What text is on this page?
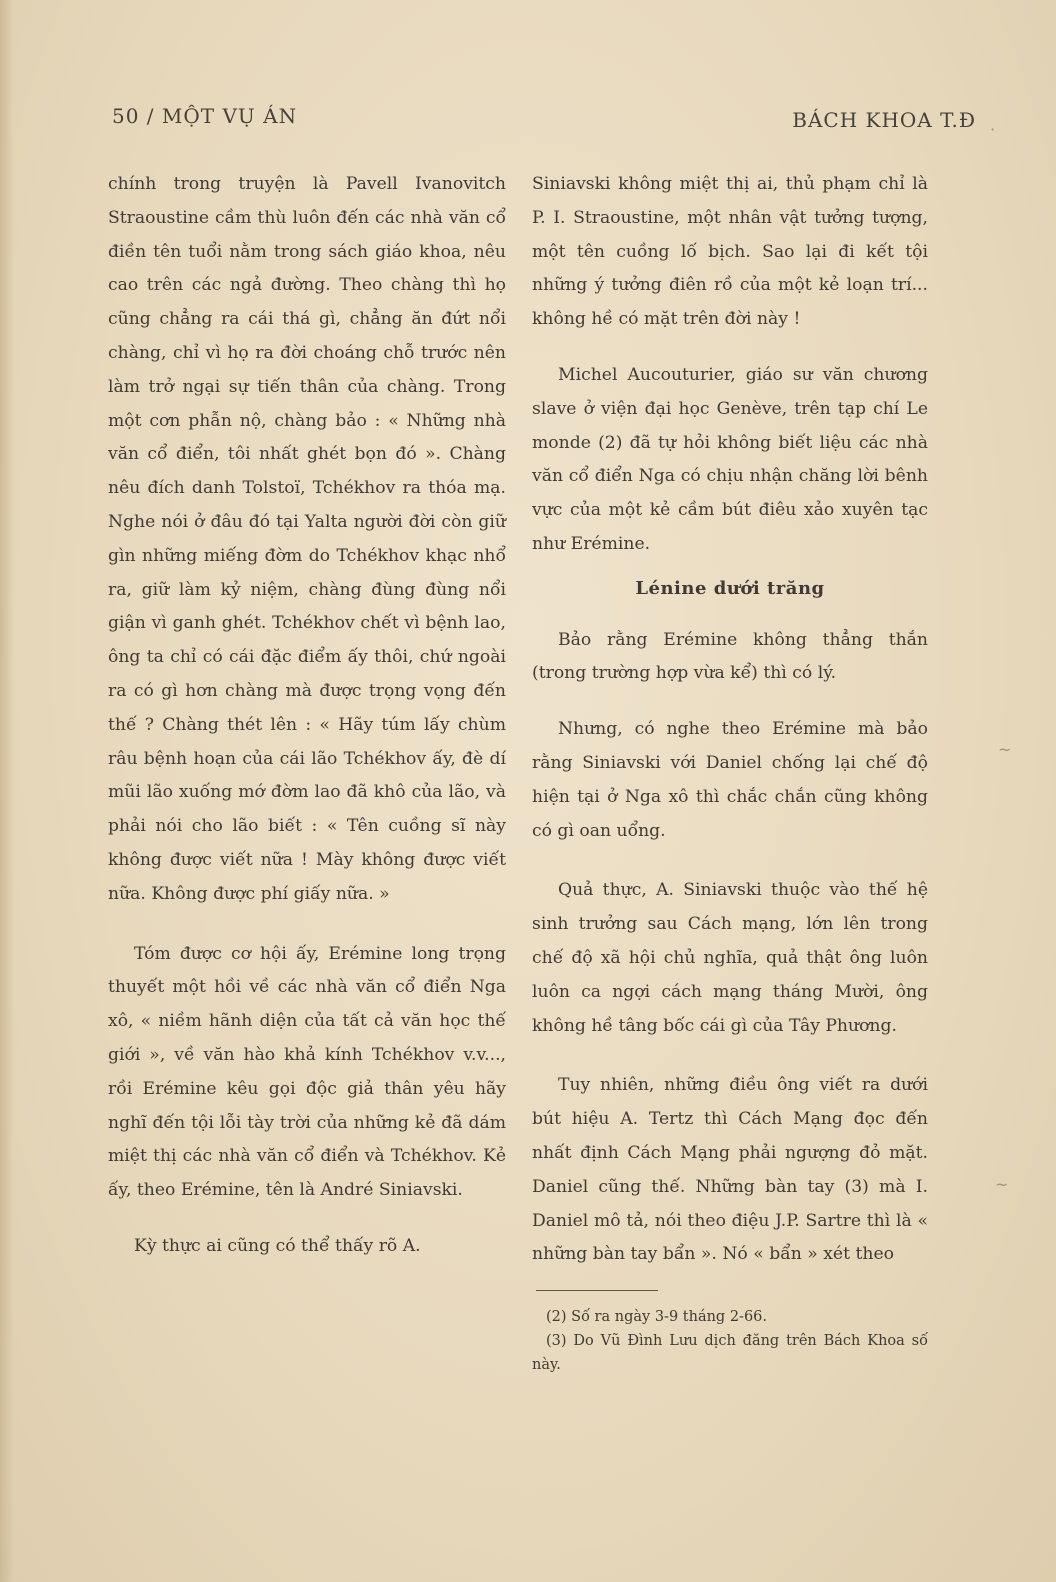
50 / MỘT VỤ ÁN	BÁCH KHOA T.Đ

chính trong truyện là Pavell Ivanovitch Straoustine cầm thù luôn đến các nhà văn cổ điền tên tuổi nằm trong sách giáo khoa, nêu cao trên các ngả đường. Theo chàng thì họ cũng chẳng ra cái thá gì, chẳng ăn đứt nổi chàng, chỉ vì họ ra đời choáng chỗ trước nên làm trở ngại sự tiến thân của chàng. Trong một cơn phẫn nộ, chàng bảo : « Những nhà văn cổ điển, tôi nhất ghét bọn đó ». Chàng nêu đích danh Tolstoï, Tchékhov ra thóa mạ. Nghe nói ở đâu đó tại Yalta người đời còn giữ gìn những miếng đờm do Tchékhov khạc nhổ ra, giữ làm kỷ niệm, chàng đùng đùng nổi giận vì ganh ghét. Tchékhov chết vì bệnh lao, ông ta chỉ có cái đặc điểm ấy thôi, chứ ngoài ra có gì hơn chàng mà được trọng vọng đến thế ? Chàng thét lên : « Hãy túm lấy chùm râu bệnh hoạn của cái lão Tchékhov ấy, đè dí mũi lão xuống mớ đờm lao đã khô của lão, và phải nói cho lão biết : « Tên cuồng sĩ này không được viết nữa ! Mày không được viết nữa. Không được phí giấy nữa. »

Tóm được cơ hội ấy, Erémine long trọng thuyết một hồi về các nhà văn cổ điển Nga xô, « niềm hãnh diện của tất cả văn học thế giới », về văn hào khả kính Tchékhov v.v..., rồi Erémine kêu gọi độc giả thân yêu hãy nghĩ đến tội lỗi tày trời của những kẻ đã dám miệt thị các nhà văn cổ điển và Tchékhov. Kẻ ấy, theo Erémine, tên là André Siniavski.

Kỳ thực ai cũng có thể thấy rõ A.

Siniavski không miệt thị ai, thủ phạm chỉ là P. I. Straoustine, một nhân vật tưởng tượng, một tên cuồng lố bịch. Sao lại đi kết tội những ý tưởng điên rồ của một kẻ loạn trí... không hề có mặt trên đời này !

Michel Aucouturier, giáo sư văn chương slave ở viện đại học Genève, trên tạp chí Le monde (2) đã tự hỏi không biết liệu các nhà văn cổ điển Nga có chịu nhận chăng lời bênh vực của một kẻ cầm bút điêu xảo xuyên tạc như Erémine.

Lénine dưới trăng

Bảo rằng Erémine không thẳng thắn (trong trường hợp vừa kể) thì có lý.

Nhưng, có nghe theo Erémine mà bảo rằng Siniavski với Daniel chống lại chế độ hiện tại ở Nga xô thì chắc chắn cũng không có gì oan uổng.

Quả thực, A. Siniavski thuộc vào thế hệ sinh trưởng sau Cách mạng, lớn lên trong chế độ xã hội chủ nghĩa, quả thật ông luôn luôn ca ngợi cách mạng tháng Mười, ông không hề tâng bốc cái gì của Tây Phương.

Tuy nhiên, những điều ông viết ra dưới bút hiệu A. Tertz thì Cách Mạng đọc đến nhất định Cách Mạng phải ngượng đỏ mặt. Daniel cũng thế. Những bàn tay (3) mà I. Daniel mô tả, nói theo điệu J.P. Sartre thì là « những bàn tay bẩn ». Nó « bẩn » xét theo

(2) Số ra ngày 3-9 tháng 2-66.

(3) Do Vũ Đình Lưu dịch đăng trên Bách Khoa số này.

·
~
~
